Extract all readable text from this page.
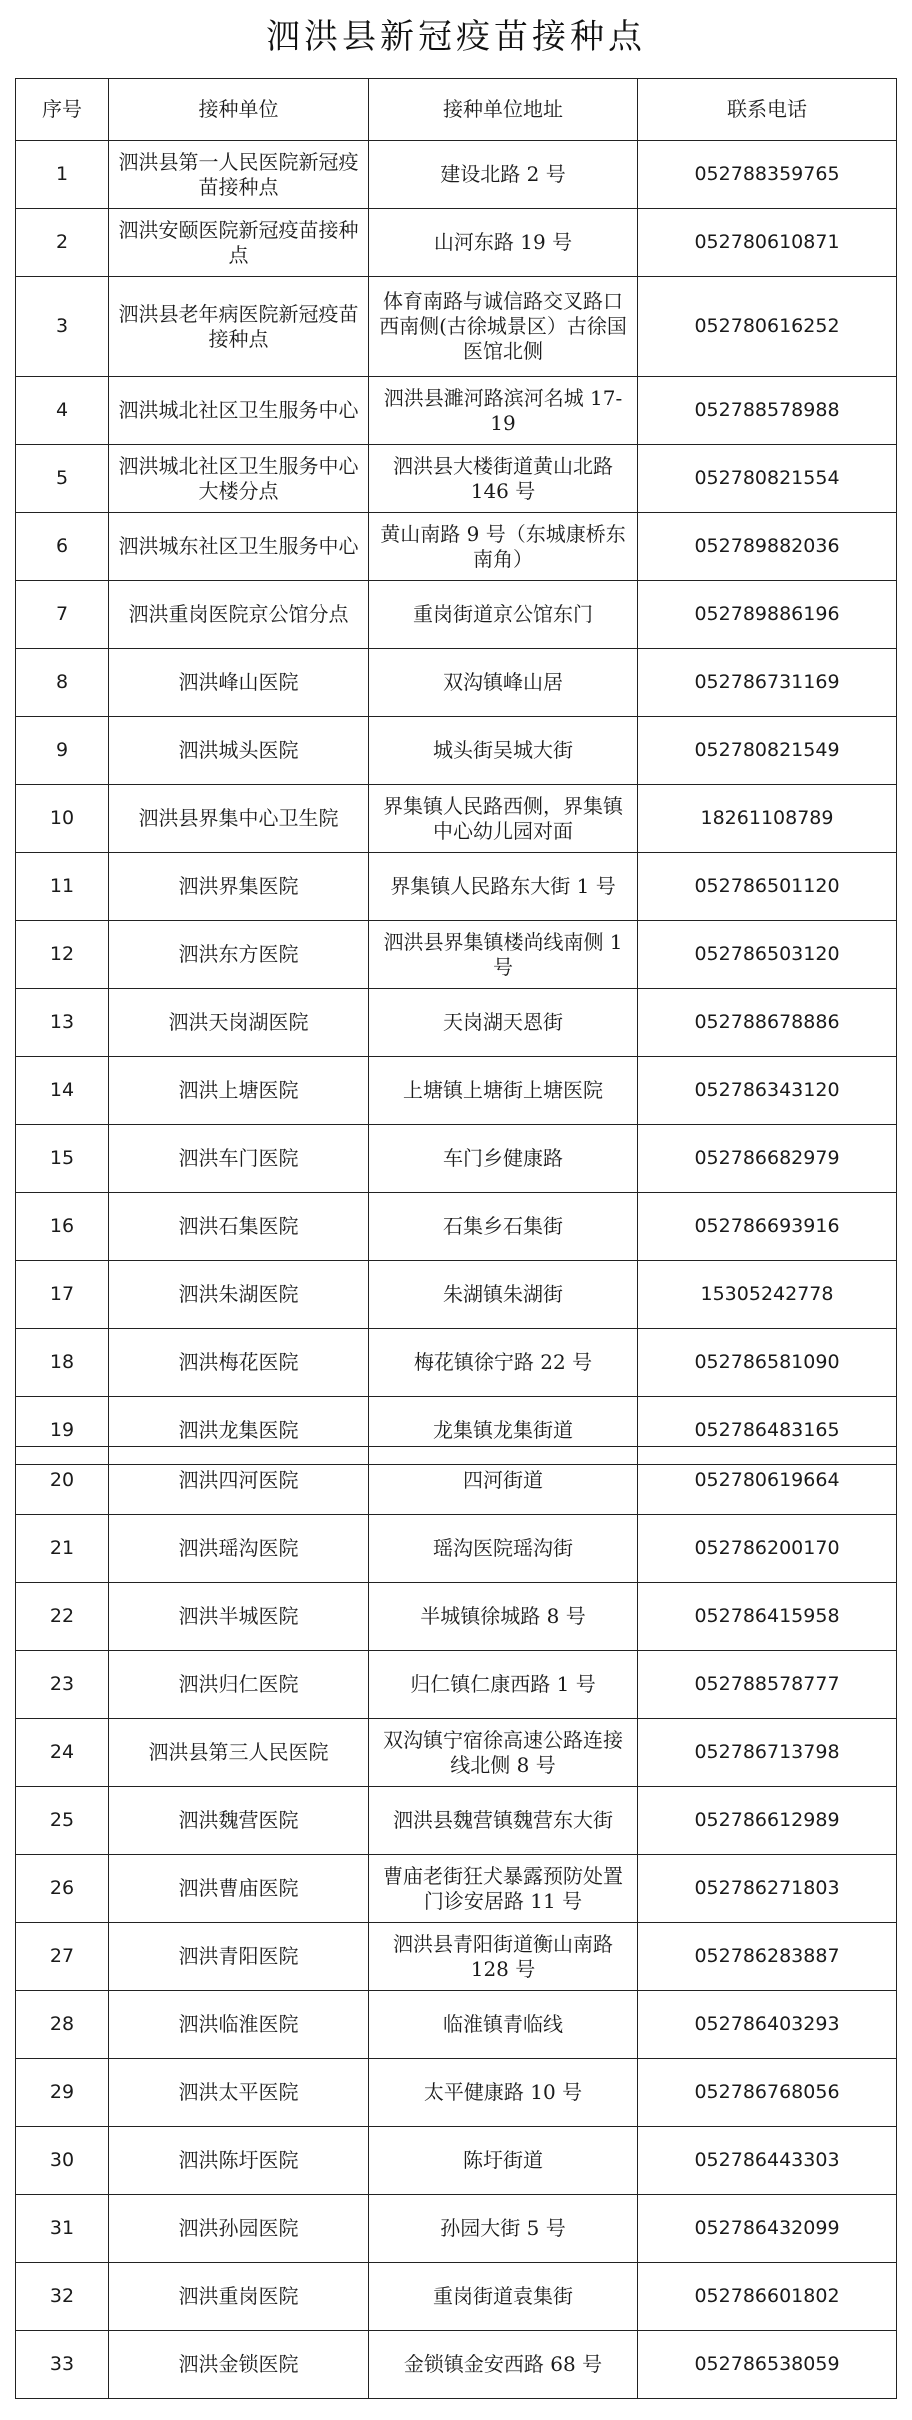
泗洪县新冠疫苗接种点
序号	接种单位	接种单位地址	联系电话
1	泗洪县第一人民医院新冠疫苗接种点	建设北路 2 号	052788359765
2	泗洪安颐医院新冠疫苗接种点	山河东路 19 号	052780610871
3	泗洪县老年病医院新冠疫苗接种点	体育南路与诚信路交叉路口西南侧(古徐城景区）古徐国医馆北侧	052780616252
4	泗洪城北社区卫生服务中心	泗洪县濉河路滨河名城 17-19	052788578988
5	泗洪城北社区卫生服务中心大楼分点	泗洪县大楼街道黄山北路 146 号	052780821554
6	泗洪城东社区卫生服务中心	黄山南路 9 号（东城康桥东南角）	052789882036
7	泗洪重岗医院京公馆分点	重岗街道京公馆东门	052789886196
8	泗洪峰山医院	双沟镇峰山居	052786731169
9	泗洪城头医院	城头街吴城大街	052780821549
10	泗洪县界集中心卫生院	界集镇人民路西侧，界集镇中心幼儿园对面	18261108789
11	泗洪界集医院	界集镇人民路东大街 1 号	052786501120
12	泗洪东方医院	泗洪县界集镇楼尚线南侧 1 号	052786503120
13	泗洪天岗湖医院	天岗湖天恩街	052788678886
14	泗洪上塘医院	上塘镇上塘街上塘医院	052786343120
15	泗洪车门医院	车门乡健康路	052786682979
16	泗洪石集医院	石集乡石集街	052786693916
17	泗洪朱湖医院	朱湖镇朱湖街	15305242778
18	泗洪梅花医院	梅花镇徐宁路 22 号	052786581090
19	泗洪龙集医院	龙集镇龙集街道	052786483165
20	泗洪四河医院	四河街道	052780619664
21	泗洪瑶沟医院	瑶沟医院瑶沟街	052786200170
22	泗洪半城医院	半城镇徐城路 8 号	052786415958
23	泗洪归仁医院	归仁镇仁康西路 1 号	052788578777
24	泗洪县第三人民医院	双沟镇宁宿徐高速公路连接线北侧 8 号	052786713798
25	泗洪魏营医院	泗洪县魏营镇魏营东大街	052786612989
26	泗洪曹庙医院	曹庙老街狂犬暴露预防处置门诊安居路 11 号	052786271803
27	泗洪青阳医院	泗洪县青阳街道衡山南路 128 号	052786283887
28	泗洪临淮医院	临淮镇青临线	052786403293
29	泗洪太平医院	太平健康路 10 号	052786768056
30	泗洪陈圩医院	陈圩街道	052786443303
31	泗洪孙园医院	孙园大街 5 号	052786432099
32	泗洪重岗医院	重岗街道袁集街	052786601802
33	泗洪金锁医院	金锁镇金安西路 68 号	052786538059
